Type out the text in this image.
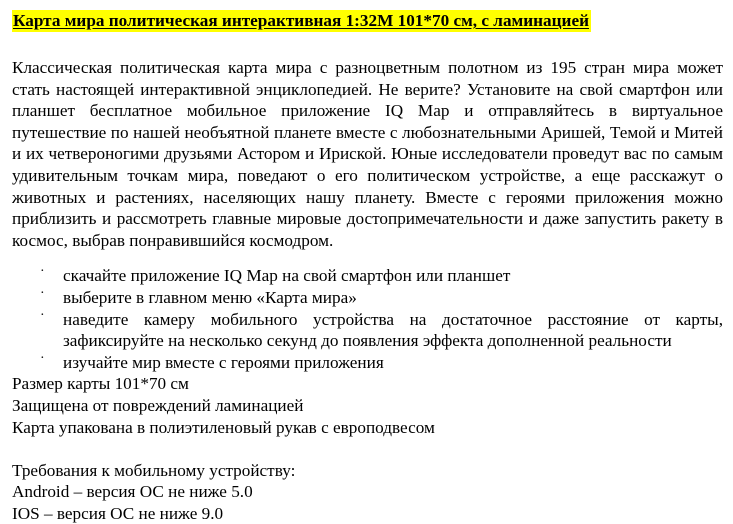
Карта мира политическая интерактивная 1:32М 101*70 см, с ламинацией
Классическая политическая карта мира с разноцветным полотном из 195 стран мира может стать настоящей интерактивной энциклопедией. Не верите? Установите на свой смартфон или планшет бесплатное мобильное приложение IQ Map и отправляйтесь в виртуальное путешествие по нашей необъятной планете вместе с любознательными Аришей, Темой и Митей и их четвероногими друзьями Астором и Ириской. Юные исследователи проведут вас по самым удивительным точкам мира, поведают о его политическом устройстве, а еще расскажут о животных и растениях, населяющих нашу планету. Вместе с героями приложения можно приблизить и рассмотреть главные мировые достопримечательности и даже запустить ракету в космос, выбрав понравившийся космодром.
· скачайте приложение IQ Map на свой смартфон или планшет
· выберите в главном меню «Карта мира»
· наведите камеру мобильного устройства на достаточное расстояние от карты, зафиксируйте на несколько секунд до появления эффекта дополненной реальности
· изучайте мир вместе с героями приложения
Размер карты 101*70 см
Защищена от повреждений ламинацией
Карта упакована в полиэтиленовый рукав с европодвесом
Требования к мобильному устройству:
Android – версия ОС не ниже 5.0
IOS – версия ОС не ниже 9.0
